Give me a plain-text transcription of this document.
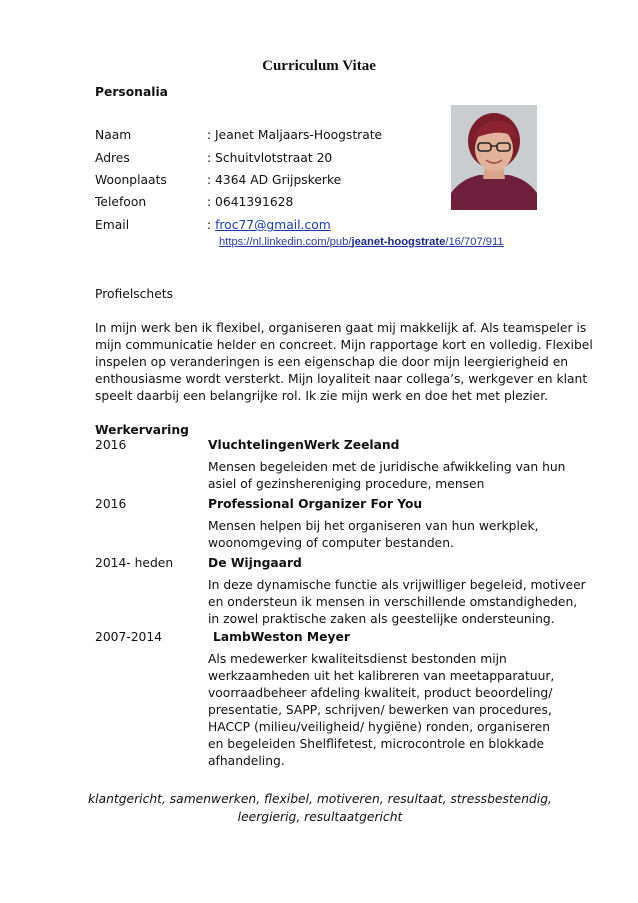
Curriculum Vitae
Personalia
Naam	: Jeanet Maljaars-Hoogstrate
Adres	: Schuitvlotstraat 20
Woonplaats	: 4364 AD Grijpskerke
Telefoon	: 0641391628
Email	: froc77@gmail.com
https://nl.linkedin.com/pub/jeanet-hoogstrate/16/707/911
Profielschets
In mijn werk ben ik flexibel, organiseren gaat mij makkelijk af. Als teamspeler is
mijn communicatie helder en concreet. Mijn rapportage kort en volledig. Flexibel
inspelen op veranderingen is een eigenschap die door mijn leergierigheid en
enthousiasme wordt versterkt. Mijn loyaliteit naar collega’s, werkgever en klant
speelt daarbij een belangrijke rol. Ik zie mijn werk en doe het met plezier.
Werkervaring
2016	VluchtelingenWerk Zeeland
Mensen begeleiden met de juridische afwikkeling van hun
asiel of gezinshereniging procedure, mensen
2016	Professional Organizer For You
Mensen helpen bij het organiseren van hun werkplek,
woonomgeving of computer bestanden.
2014- heden	De Wijngaard
In deze dynamische functie als vrijwilliger begeleid, motiveer
en ondersteun ik mensen in verschillende omstandigheden,
in zowel praktische zaken als geestelijke ondersteuning.
2007-2014	LambWeston Meyer
Als medewerker kwaliteitsdienst bestonden mijn
werkzaamheden uit het kalibreren van meetapparatuur,
voorraadbeheer afdeling kwaliteit, product beoordeling/
presentatie, SAPP, schrijven/ bewerken van procedures,
HACCP (milieu/veiligheid/ hygiëne) ronden, organiseren
en begeleiden Shelflifetest, microcontrole en blokkade
afhandeling.
klantgericht, samenwerken, flexibel, motiveren, resultaat, stressbestendig,
leergierig, resultaatgericht
